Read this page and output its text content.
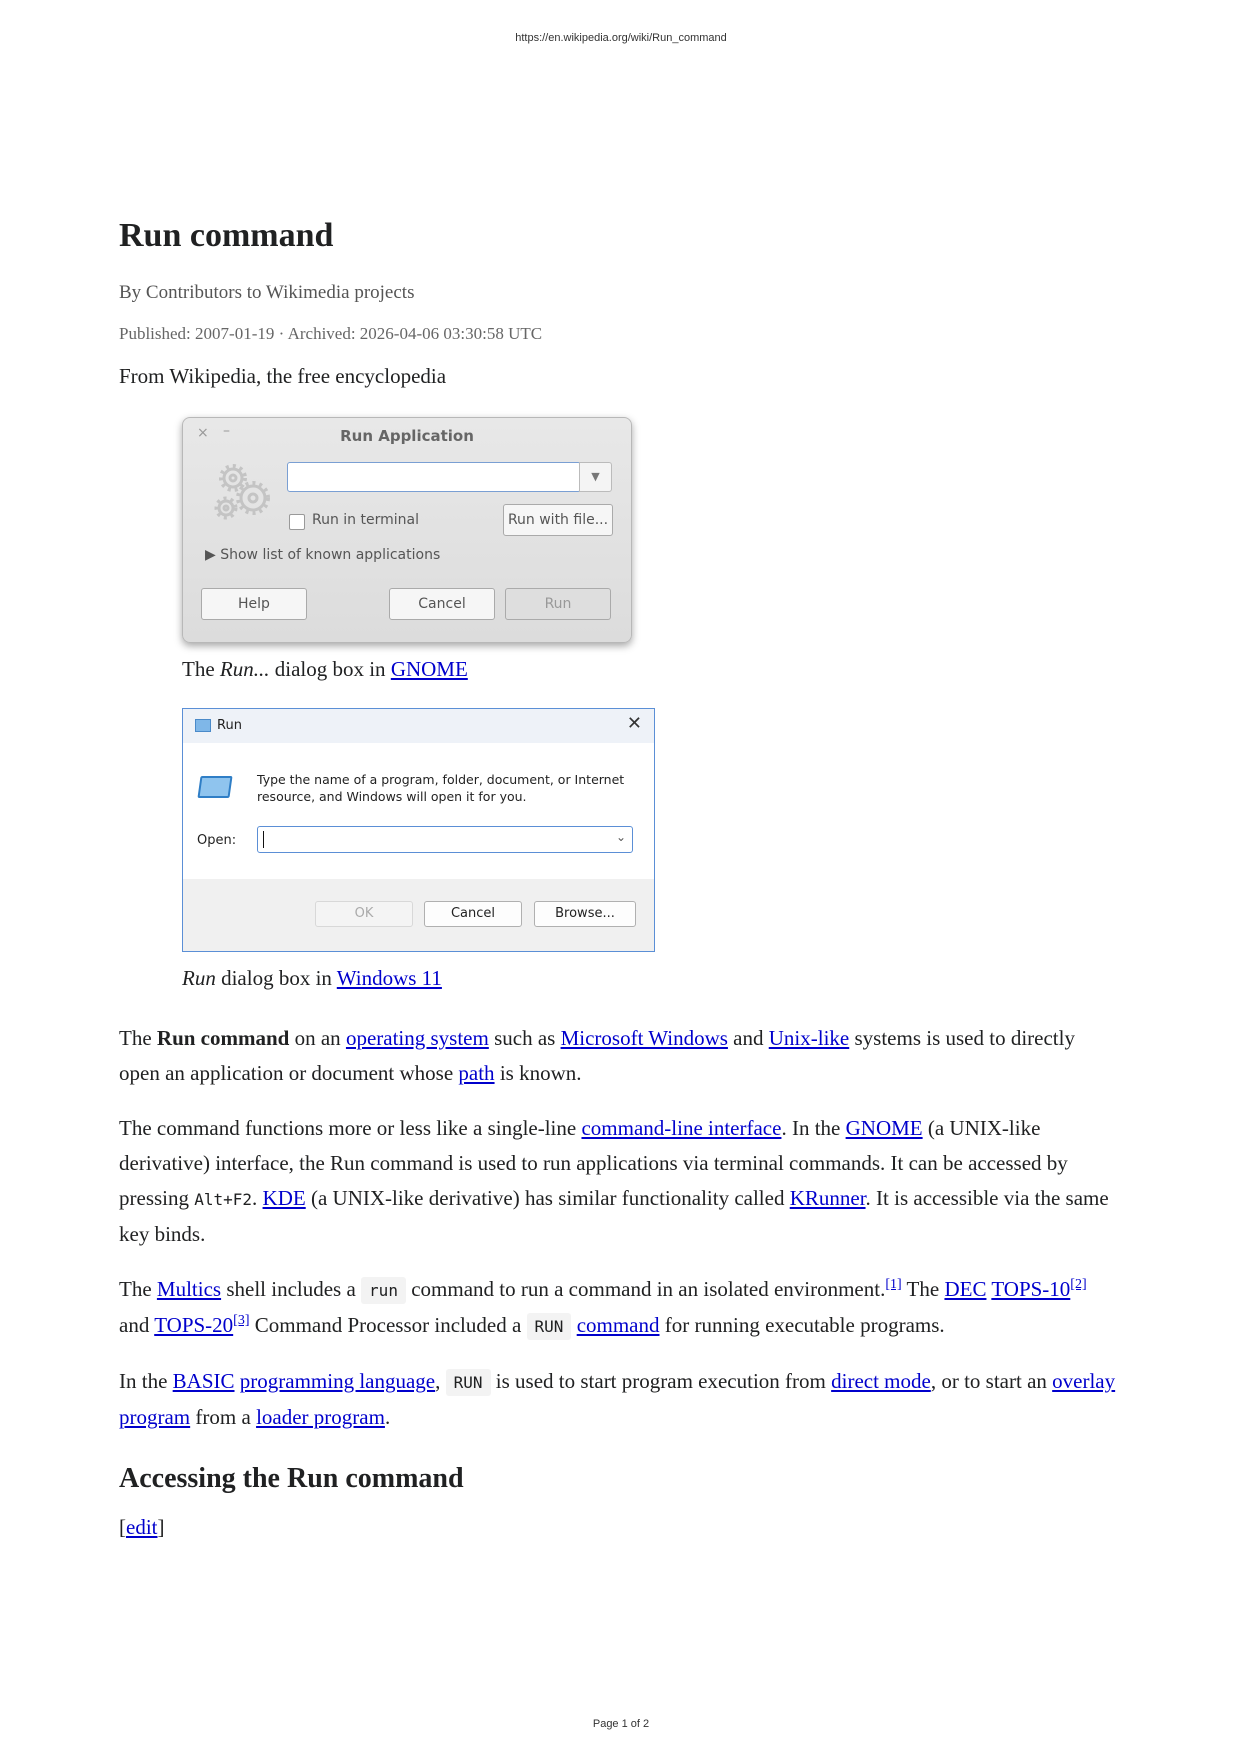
https://en.wikipedia.org/wiki/Run_command
Run command
By Contributors to Wikimedia projects
Published: 2007-01-19 · Archived: 2026-04-06 03:30:58 UTC
From Wikipedia, the free encyclopedia
× –	Run Application
▼
Run in terminal	Run with file...
▶ Show list of known applications
Help	Cancel	Run
The Run... dialog box in GNOME
Run	✕
Type the name of a program, folder, document, or Internet resource, and Windows will open it for you.
Open:	⌄
OK	Cancel	Browse...
Run dialog box in Windows 11

The Run command on an operating system such as Microsoft Windows and Unix-like systems is used to directly open an application or document whose path is known.

The command functions more or less like a single-line command-line interface. In the GNOME (a UNIX-like derivative) interface, the Run command is used to run applications via terminal commands. It can be accessed by pressing Alt+F2. KDE (a UNIX-like derivative) has similar functionality called KRunner. It is accessible via the same key binds.

The Multics shell includes a run command to run a command in an isolated environment.[1] The DEC TOPS-10[2] and TOPS-20[3] Command Processor included a RUN command for running executable programs.

In the BASIC programming language, RUN is used to start program execution from direct mode, or to start an overlay program from a loader program.

Accessing the Run command
[edit]
Page 1 of 2
